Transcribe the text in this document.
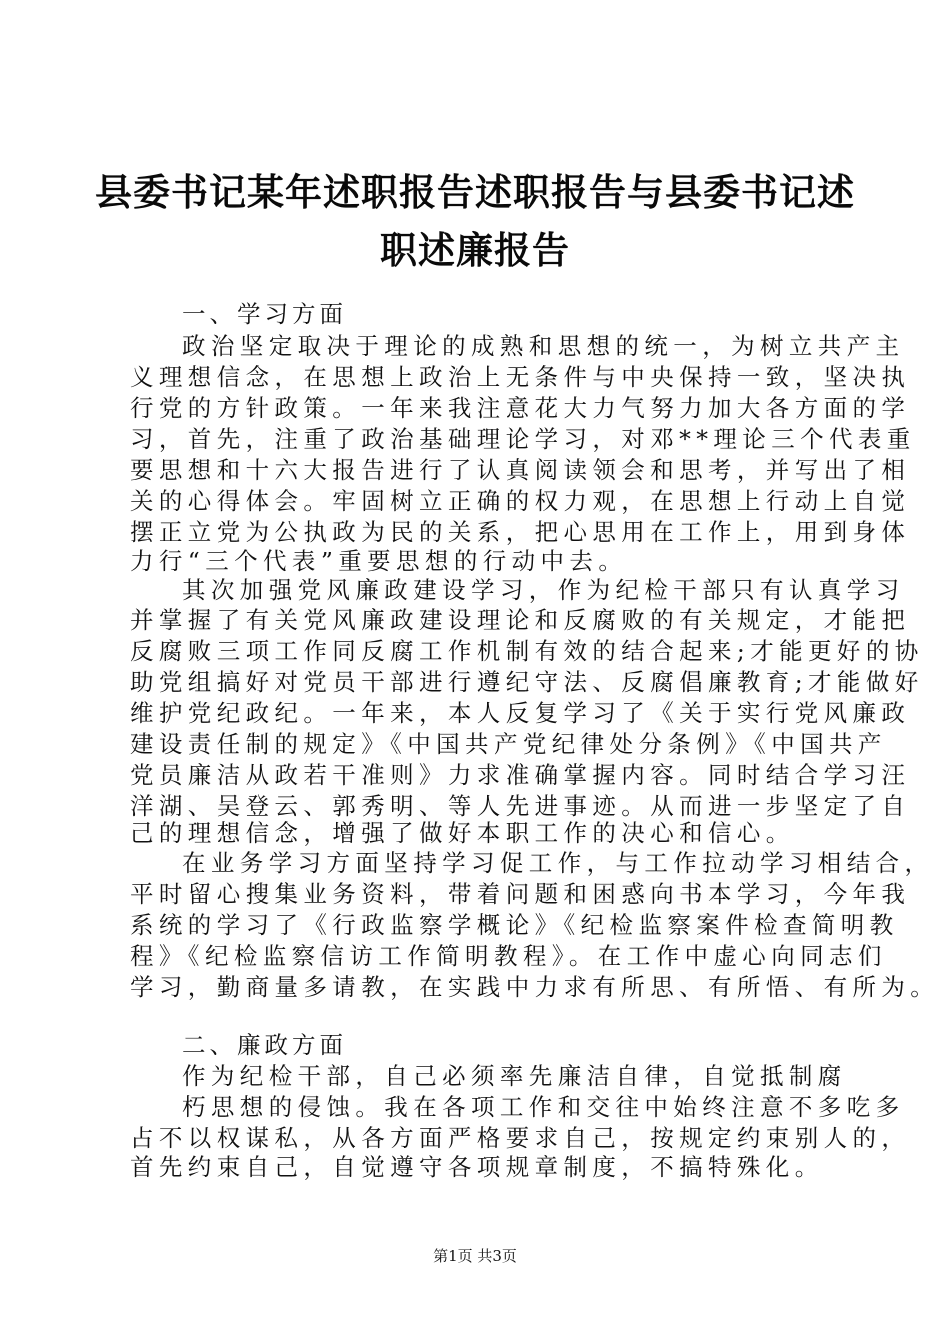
县委书记某年述职报告述职报告与县委书记述
职述廉报告
一、学习方面
政治坚定取决于理论的成熟和思想的统一，为树立共产主
义理想信念，在思想上政治上无条件与中央保持一致，坚决执
行党的方针政策。一年来我注意花大力气努力加大各方面的学
习，首先，注重了政治基础理论学习，对邓**理论三个代表重
要思想和十六大报告进行了认真阅读领会和思考，并写出了相
关的心得体会。牢固树立正确的权力观，在思想上行动上自觉
摆正立党为公执政为民的关系，把心思用在工作上，用到身体
力行“三个代表”重要思想的行动中去。
其次加强党风廉政建设学习，作为纪检干部只有认真学习
并掌握了有关党风廉政建设理论和反腐败的有关规定，才能把
反腐败三项工作同反腐工作机制有效的结合起来;才能更好的协
助党组搞好对党员干部进行遵纪守法、反腐倡廉教育;才能做好
维护党纪政纪。一年来，本人反复学习了《关于实行党风廉政
建设责任制的规定》《中国共产党纪律处分条例》《中国共产
党员廉洁从政若干准则》力求准确掌握内容。同时结合学习汪
洋湖、吴登云、郭秀明、等人先进事迹。从而进一步坚定了自
己的理想信念，增强了做好本职工作的决心和信心。
在业务学习方面坚持学习促工作，与工作拉动学习相结合，
平时留心搜集业务资料，带着问题和困惑向书本学习，今年我
系统的学习了《行政监察学概论》《纪检监察案件检查简明教
程》《纪检监察信访工作简明教程》。在工作中虚心向同志们
学习，勤商量多请教，在实践中力求有所思、有所悟、有所为。
二、廉政方面
作为纪检干部，自己必须率先廉洁自律，自觉抵制腐
朽思想的侵蚀。我在各项工作和交往中始终注意不多吃多
占不以权谋私，从各方面严格要求自己，按规定约束别人的，
首先约束自己，自觉遵守各项规章制度，不搞特殊化。
第1页 共3页
